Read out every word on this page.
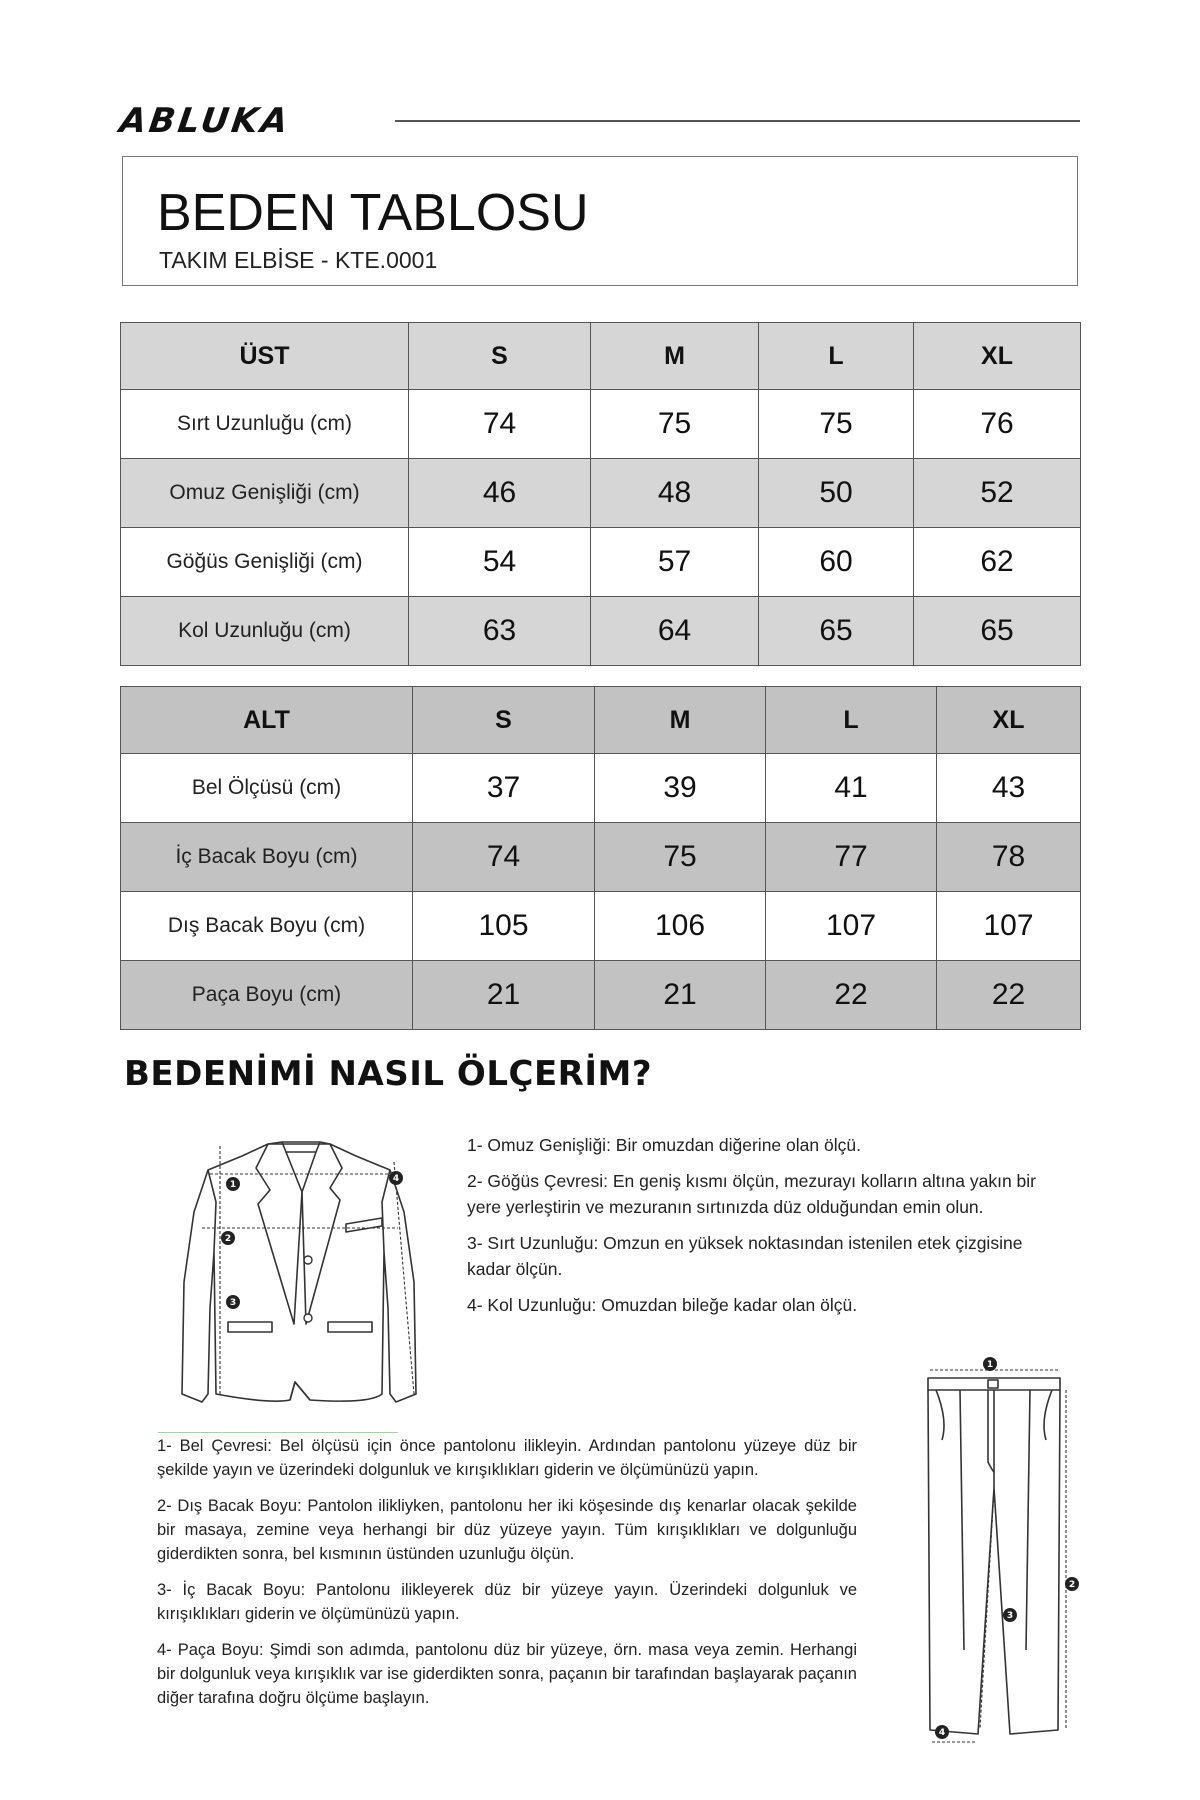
ABLUKA
BEDEN TABLOSU
TAKIM ELBİSE - KTE.0001
ÜST	S	M	L	XL
Sırt Uzunluğu (cm)	74	75	75	76
Omuz Genişliği (cm)	46	48	50	52
Göğüs Genişliği (cm)	54	57	60	62
Kol Uzunluğu (cm)	63	64	65	65
ALT	S	M	L	XL
Bel Ölçüsü (cm)	37	39	41	43
İç Bacak Boyu (cm)	74	75	77	78
Dış Bacak Boyu (cm)	105	106	107	107
Paça Boyu (cm)	21	21	22	22
BEDENİMİ NASIL ÖLÇERİM?
1
2
3
4

1- Omuz Genişliği: Bir omuzdan diğerine olan ölçü.

2- Göğüs Çevresi: En geniş kısmı ölçün, mezurayı kolların altına yakın bir yere yerleştirin ve mezuranın sırtınızda düz olduğundan emin olun.

3- Sırt Uzunluğu: Omzun en yüksek noktasından istenilen etek çizgisine kadar ölçün.

4- Kol Uzunluğu: Omuzdan bileğe kadar olan ölçü.

1- Bel Çevresi: Bel ölçüsü için önce pantolonu ilikleyin. Ardından pantolonu yüzeye düz bir şekilde yayın ve üzerindeki dolgunluk ve kırışıklıkları giderin ve ölçümünüzü yapın.

2- Dış Bacak Boyu: Pantolon ilikliyken, pantolonu her iki köşesinde dış kenarlar olacak şekilde bir masaya, zemine veya herhangi bir düz yüzeye yayın. Tüm kırışıklıkları ve dolgunluğu giderdikten sonra, bel kısmının üstünden uzunluğu ölçün.

3- İç Bacak Boyu: Pantolonu ilikleyerek düz bir yüzeye yayın. Üzerindeki dolgunluk ve kırışıklıkları giderin ve ölçümünüzü yapın.

4- Paça Boyu: Şimdi son adımda, pantolonu düz bir yüzeye, örn. masa veya zemin. Herhangi bir dolgunluk veya kırışıklık var ise giderdikten sonra, paçanın bir tarafından başlayarak paçanın diğer tarafına doğru ölçüme başlayın.

1
2
3
4
